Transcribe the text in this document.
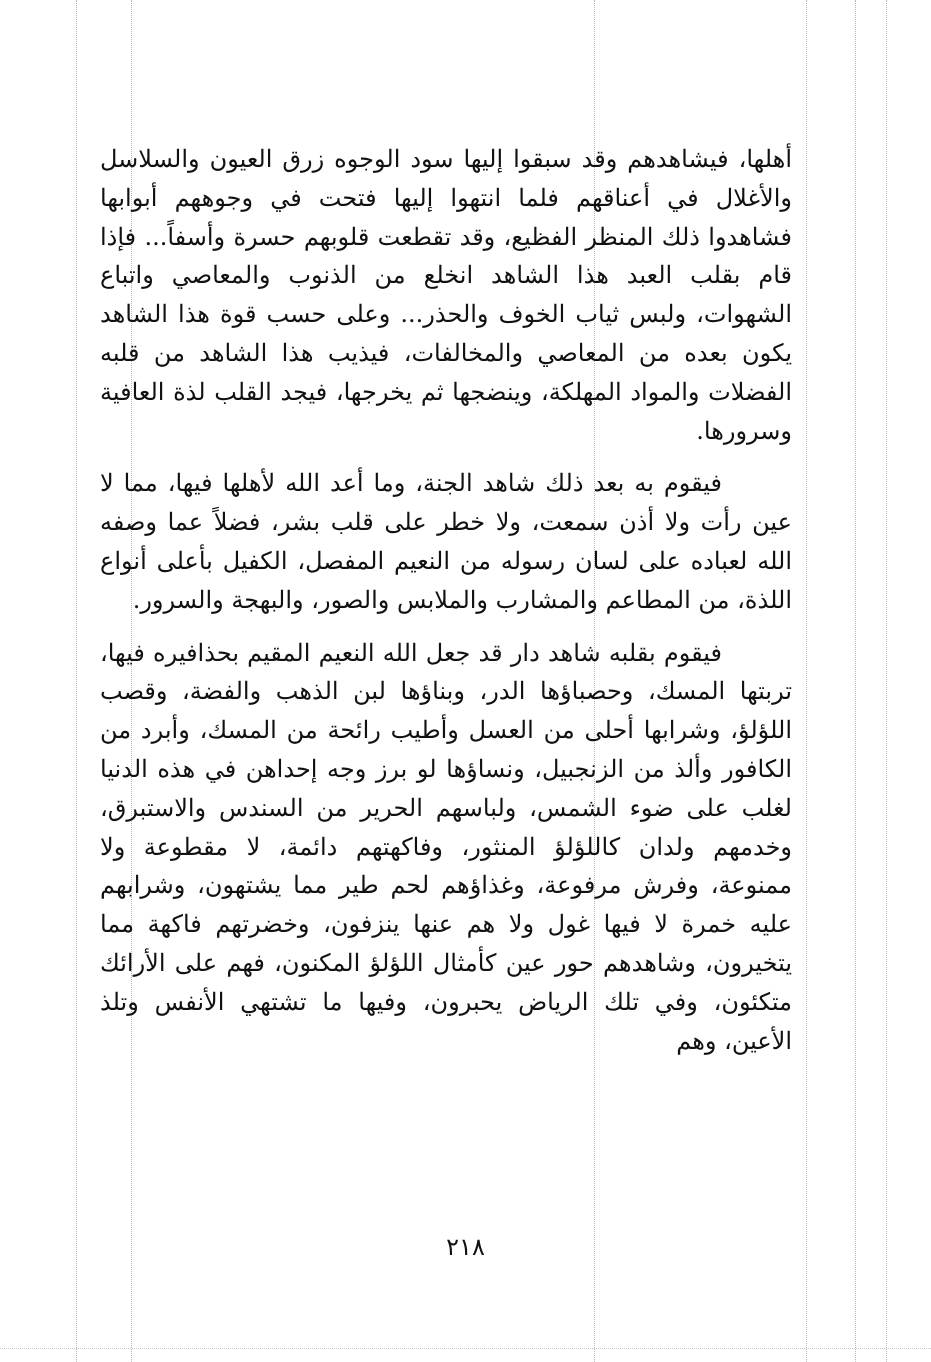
أهلها، فيشاهدهم وقد سبقوا إليها سود الوجوه زرق العيون والسلاسل والأغلال في أعناقهم فلما انتهوا إليها فتحت في وجوههم أبوابها فشاهدوا ذلك المنظر الفظيع، وقد تقطعت قلوبهم حسرة وأسفاً... فإذا قام بقلب العبد هذا الشاهد انخلع من الذنوب والمعاصي واتباع الشهوات، ولبس ثياب الخوف والحذر... وعلى حسب قوة هذا الشاهد يكون بعده من المعاصي والمخالفات، فيذيب هذا الشاهد من قلبه الفضلات والمواد المهلكة، وينضجها ثم يخرجها، فيجد القلب لذة العافية وسرورها.

فيقوم به بعد ذلك شاهد الجنة، وما أعد الله لأهلها فيها، مما لا عين رأت ولا أذن سمعت، ولا خطر على قلب بشر، فضلاً عما وصفه الله لعباده على لسان رسوله من النعيم المفصل، الكفيل بأعلى أنواع اللذة، من المطاعم والمشارب والملابس والصور، والبهجة والسرور.

فيقوم بقلبه شاهد دار قد جعل الله النعيم المقيم بحذافيره فيها، تربتها المسك، وحصباؤها الدر، وبناؤها لبن الذهب والفضة، وقصب اللؤلؤ، وشرابها أحلى من العسل وأطيب رائحة من المسك، وأبرد من الكافور وألذ من الزنجبيل، ونساؤها لو برز وجه إحداهن في هذه الدنيا لغلب على ضوء الشمس، ولباسهم الحرير من السندس والاستبرق، وخدمهم ولدان كاللؤلؤ المنثور، وفاكهتهم دائمة، لا مقطوعة ولا ممنوعة، وفرش مرفوعة، وغذاؤهم لحم طير مما يشتهون، وشرابهم عليه خمرة لا فيها غول ولا هم عنها ينزفون، وخضرتهم فاكهة مما يتخيرون، وشاهدهم حور عين كأمثال اللؤلؤ المكنون، فهم على الأرائك متكئون، وفي تلك الرياض يحبرون، وفيها ما تشتهي الأنفس وتلذ الأعين، وهم

٢١٨
